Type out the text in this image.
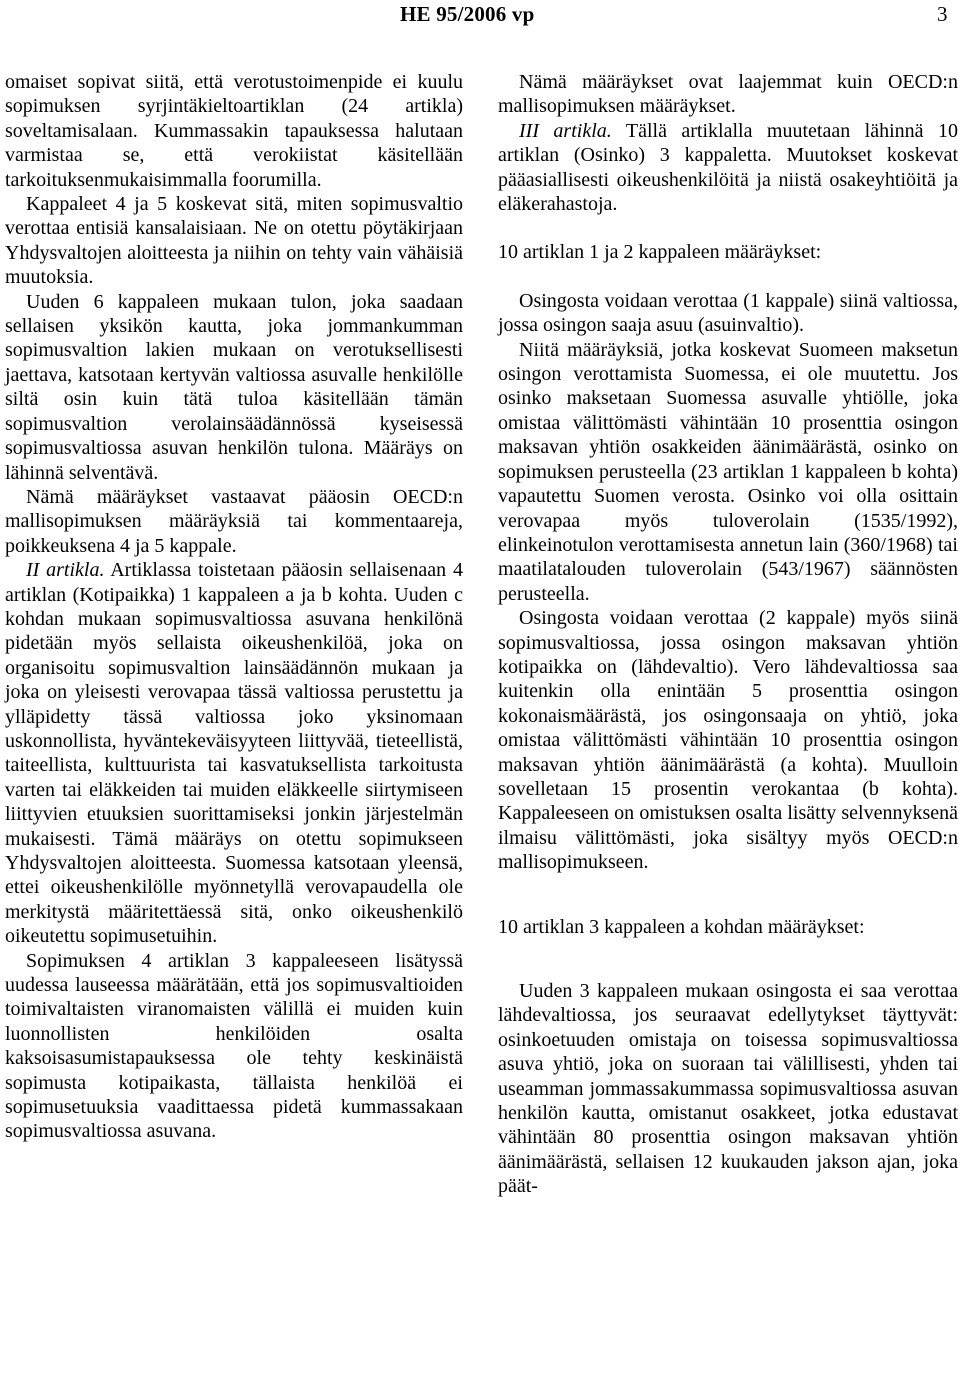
HE 95/2006 vp	3

omaiset sopivat siitä, että verotustoimenpide ei kuulu sopimuksen syrjintäkieltoartiklan (24 artikla) soveltamisalaan. Kummassakin tapauksessa halutaan varmistaa se, että verokiistat käsitellään tarkoituksenmukaisimmalla foorumilla.

Kappaleet 4 ja 5 koskevat sitä, miten sopimusvaltio verottaa entisiä kansalaisiaan. Ne on otettu pöytäkirjaan Yhdysvaltojen aloitteesta ja niihin on tehty vain vähäisiä muutoksia.

Uuden 6 kappaleen mukaan tulon, joka saadaan sellaisen yksikön kautta, joka jommankumman sopimusvaltion lakien mukaan on verotuksellisesti jaettava, katsotaan kertyvän valtiossa asuvalle henkilölle siltä osin kuin tätä tuloa käsitellään tämän sopimusvaltion verolainsäädännössä kyseisessä sopimusvaltiossa asuvan henkilön tulona. Määräys on lähinnä selventävä.

Nämä määräykset vastaavat pääosin OECD:n mallisopimuksen määräyksiä tai kommentaareja, poikkeuksena 4 ja 5 kappale.

II artikla. Artiklassa toistetaan pääosin sellaisenaan 4 artiklan (Kotipaikka) 1 kappaleen a ja b kohta. Uuden c kohdan mukaan sopimusvaltiossa asuvana henkilönä pidetään myös sellaista oikeushenkilöä, joka on organisoitu sopimusvaltion lainsäädännön mukaan ja joka on yleisesti verovapaa tässä valtiossa perustettu ja ylläpidetty tässä valtiossa joko yksinomaan uskonnollista, hyväntekeväisyyteen liittyvää, tieteellistä, taiteellista, kulttuurista tai kasvatuksellista tarkoitusta varten tai eläkkeiden tai muiden eläkkeelle siirtymiseen liittyvien etuuksien suorittamiseksi jonkin järjestelmän mukaisesti. Tämä määräys on otettu sopimukseen Yhdysvaltojen aloitteesta. Suomessa katsotaan yleensä, ettei oikeushenkilölle myönnetyllä verovapaudella ole merkitystä määritettäessä sitä, onko oikeushenkilö oikeutettu sopimusetuihin.

Sopimuksen 4 artiklan 3 kappaleeseen lisätyssä uudessa lauseessa määrätään, että jos sopimusvaltioiden toimivaltaisten viranomaisten välillä ei muiden kuin luonnollisten henkilöiden osalta kaksoisasumistapauksessa ole tehty keskinäistä sopimusta kotipaikasta, tällaista henkilöä ei sopimusetuuksia vaadittaessa pidetä kummassakaan sopimusvaltiossa asuvana.

Nämä määräykset ovat laajemmat kuin OECD:n mallisopimuksen määräykset.

III artikla. Tällä artiklalla muutetaan lähinnä 10 artiklan (Osinko) 3 kappaletta. Muutokset koskevat pääasiallisesti oikeushenkilöitä ja niistä osakeyhtiöitä ja eläkerahastoja.

10 artiklan 1 ja 2 kappaleen määräykset:

Osingosta voidaan verottaa (1 kappale) siinä valtiossa, jossa osingon saaja asuu (asuinvaltio).

Niitä määräyksiä, jotka koskevat Suomeen maksetun osingon verottamista Suomessa, ei ole muutettu. Jos osinko maksetaan Suomessa asuvalle yhtiölle, joka omistaa välittömästi vähintään 10 prosenttia osingon maksavan yhtiön osakkeiden äänimäärästä, osinko on sopimuksen perusteella (23 artiklan 1 kappaleen b kohta) vapautettu Suomen verosta. Osinko voi olla osittain verovapaa myös tuloverolain (1535/1992), elinkeinotulon verottamisesta annetun lain (360/1968) tai maatilatalouden tuloverolain (543/1967) säännösten perusteella.

Osingosta voidaan verottaa (2 kappale) myös siinä sopimusvaltiossa, jossa osingon maksavan yhtiön kotipaikka on (lähdevaltio). Vero lähdevaltiossa saa kuitenkin olla enintään 5 prosenttia osingon kokonaismäärästä, jos osingonsaaja on yhtiö, joka omistaa välittömästi vähintään 10 prosenttia osingon maksavan yhtiön äänimäärästä (a kohta). Muulloin sovelletaan 15 prosentin verokantaa (b kohta). Kappaleeseen on omistuksen osalta lisätty selvennyksenä ilmaisu välittömästi, joka sisältyy myös OECD:n mallisopimukseen.

10 artiklan 3 kappaleen a kohdan määräykset:

Uuden 3 kappaleen mukaan osingosta ei saa verottaa lähdevaltiossa, jos seuraavat edellytykset täyttyvät: osinkoetuuden omistaja on toisessa sopimusvaltiossa asuva yhtiö, joka on suoraan tai välillisesti, yhden tai useamman jommassakummassa sopimusvaltiossa asuvan henkilön kautta, omistanut osakkeet, jotka edustavat vähintään 80 prosenttia osingon maksavan yhtiön äänimäärästä, sellaisen 12 kuukauden jakson ajan, joka päät-
